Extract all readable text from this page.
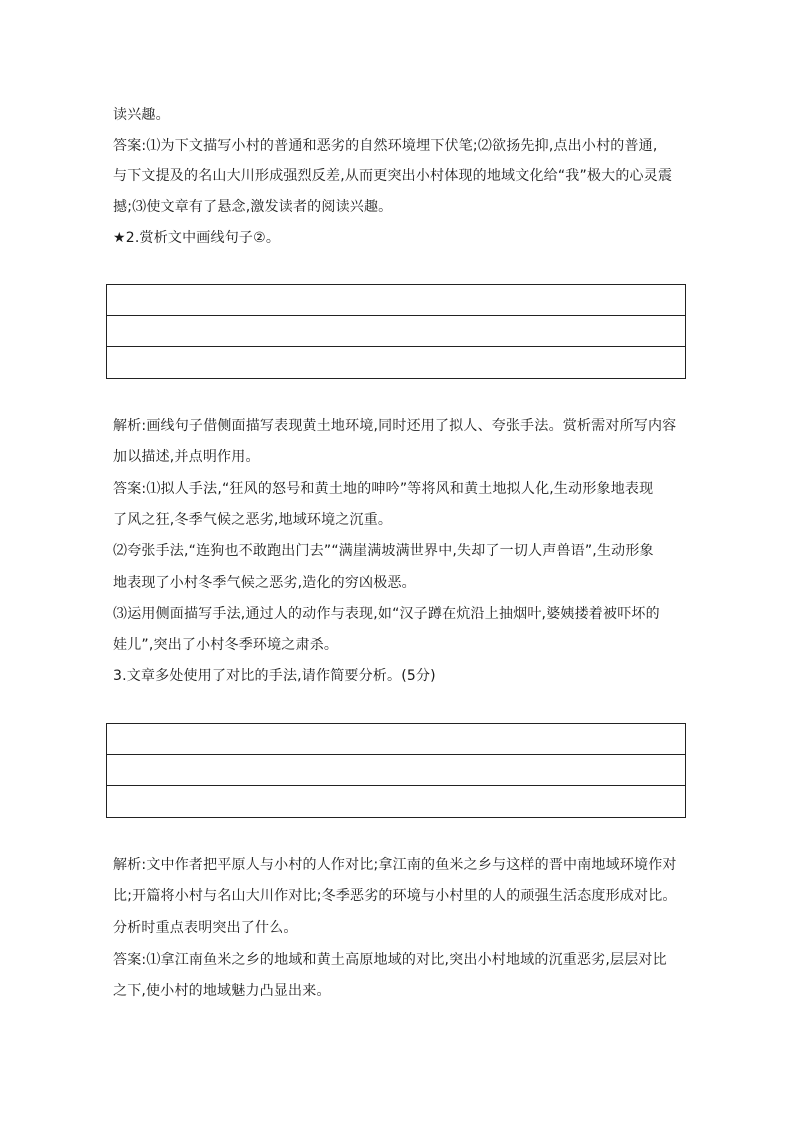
读兴趣。
答案:⑴为下文描写小村的普通和恶劣的自然环境埋下伏笔;⑵欲扬先抑,点出小村的普通,
与下文提及的名山大川形成强烈反差,从而更突出小村体现的地域文化给“我”极大的心灵震
撼;⑶使文章有了悬念,激发读者的阅读兴趣。
★2.赏析文中画线句子②。
解析:画线句子借侧面描写表现黄土地环境,同时还用了拟人、夸张手法。赏析需对所写内容
加以描述,并点明作用。
答案:⑴拟人手法,“狂风的怒号和黄土地的呻吟”等将风和黄土地拟人化,生动形象地表现
了风之狂,冬季气候之恶劣,地域环境之沉重。
⑵夸张手法,“连狗也不敢跑出门去”“满崖满坡满世界中,失却了一切人声兽语”,生动形象
地表现了小村冬季气候之恶劣,造化的穷凶极恶。
⑶运用侧面描写手法,通过人的动作与表现,如“汉子蹲在炕沿上抽烟叶,婆姨搂着被吓坏的
娃儿”,突出了小村冬季环境之肃杀。
3.文章多处使用了对比的手法,请作简要分析。(5分)
解析:文中作者把平原人与小村的人作对比;拿江南的鱼米之乡与这样的晋中南地域环境作对
比;开篇将小村与名山大川作对比;冬季恶劣的环境与小村里的人的顽强生活态度形成对比。
分析时重点表明突出了什么。
答案:⑴拿江南鱼米之乡的地域和黄土高原地域的对比,突出小村地域的沉重恶劣,层层对比
之下,使小村的地域魅力凸显出来。
